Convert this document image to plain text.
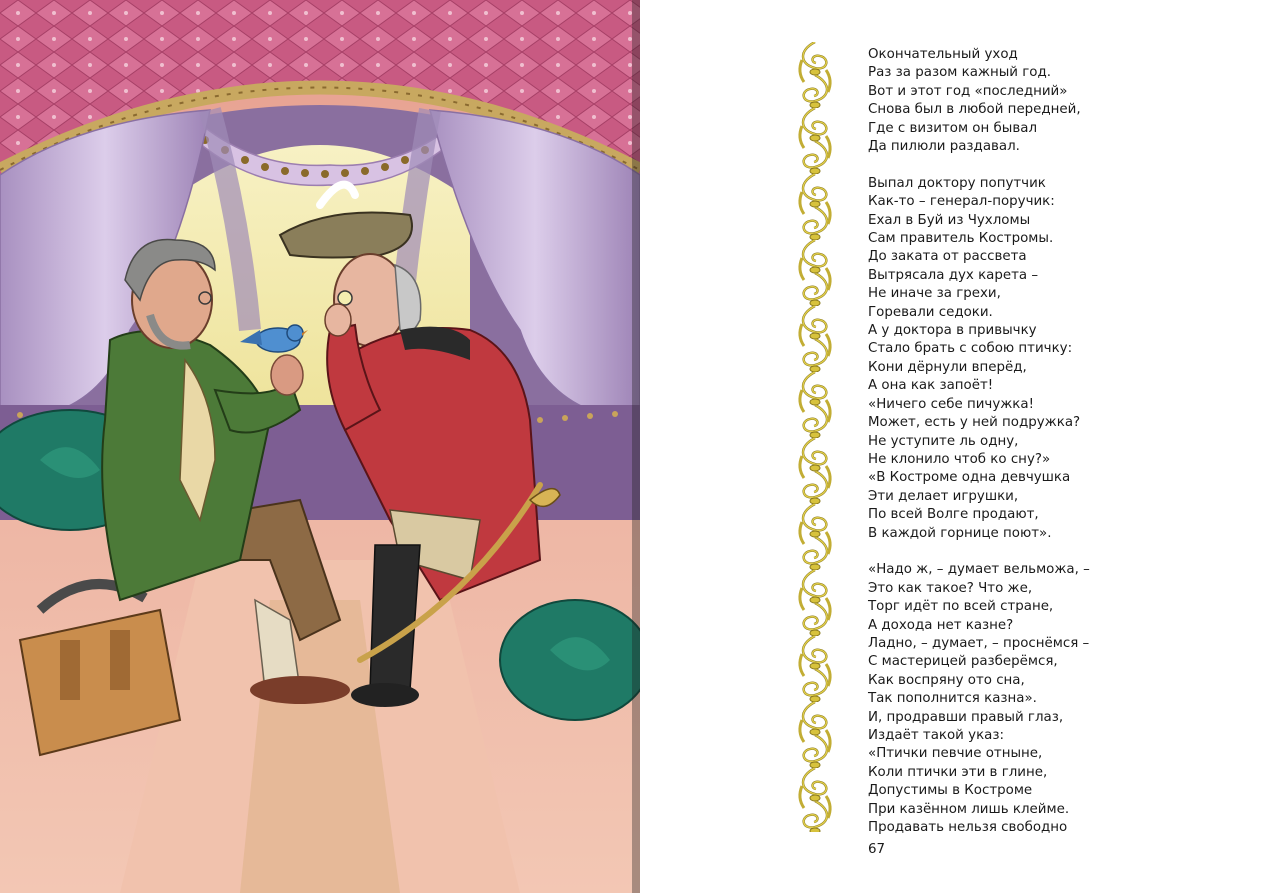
Окончательный уход
Раз за разом кажный год.
Вот и этот год «последний»
Снова был в любой передней,
Где с визитом он бывал
Да пилюли раздавал.
Выпал доктору попутчик
Как-то – генерал-поручик:
Ехал в Буй из Чухломы
Сам правитель Костромы.
До заката от рассвета
Вытрясала дух карета –
Не иначе за грехи,
Горевали седоки.
А у доктора в привычку
Стало брать с собою птичку:
Кони дёрнули вперёд,
А она как запоёт!
«Ничего себе пичужка!
Может, есть у ней подружка?
Не уступите ль одну,
Не клонило чтоб ко сну?»
«В Костроме одна девчушка
Эти делает игрушки,
По всей Волге продают,
В каждой горнице поют».
«Надо ж, – думает вельможа, –
Это как такое? Что же,
Торг идёт по всей стране,
А дохода нет казне?
Ладно, – думает, – проснёмся –
С мастерицей разберёмся,
Как воспряну ото сна,
Так пополнится казна».
И, продравши правый глаз,
Издаёт такой указ:
«Птички певчие отныне,
Коли птички эти в глине,
Допустимы в Костроме
При казённом лишь клейме.
Продавать нельзя свободно
67
